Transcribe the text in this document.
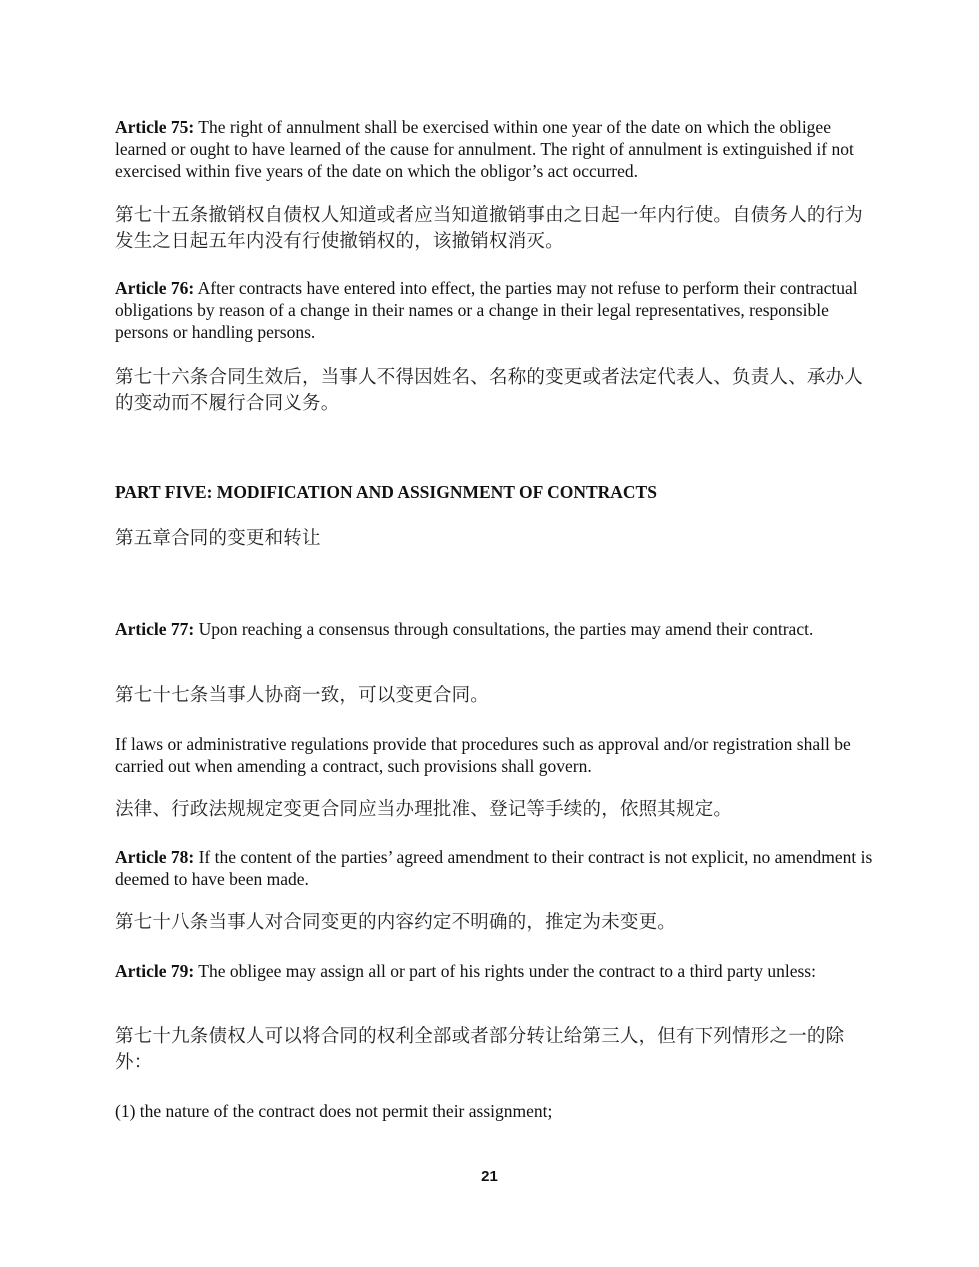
Article 75: The right of annulment shall be exercised within one year of the date on which the obligee learned or ought to have learned of the cause for annulment. The right of annulment is extinguished if not exercised within five years of the date on which the obligor’s act occurred.

第七十五条撤销权自债权人知道或者应当知道撤销事由之日起一年内行使。自债务人的行为发生之日起五年内没有行使撤销权的，该撤销权消灭。

Article 76: After contracts have entered into effect, the parties may not refuse to perform their contractual obligations by reason of a change in their names or a change in their legal representatives, responsible persons or handling persons.

第七十六条合同生效后，当事人不得因姓名、名称的变更或者法定代表人、负责人、承办人的变动而不履行合同义务。

PART FIVE: MODIFICATION AND ASSIGNMENT OF CONTRACTS

第五章合同的变更和转让

Article 77: Upon reaching a consensus through consultations, the parties may amend their contract.

第七十七条当事人协商一致，可以变更合同。

If laws or administrative regulations provide that procedures such as approval and/or registration shall be carried out when amending a contract, such provisions shall govern.

法律、行政法规规定变更合同应当办理批准、登记等手续的，依照其规定。

Article 78: If the content of the parties’ agreed amendment to their contract is not explicit, no amendment is deemed to have been made.

第七十八条当事人对合同变更的内容约定不明确的，推定为未变更。

Article 79: The obligee may assign all or part of his rights under the contract to a third party unless:

第七十九条债权人可以将合同的权利全部或者部分转让给第三人，但有下列情形之一的除外：

(1) the nature of the contract does not permit their assignment;

21
